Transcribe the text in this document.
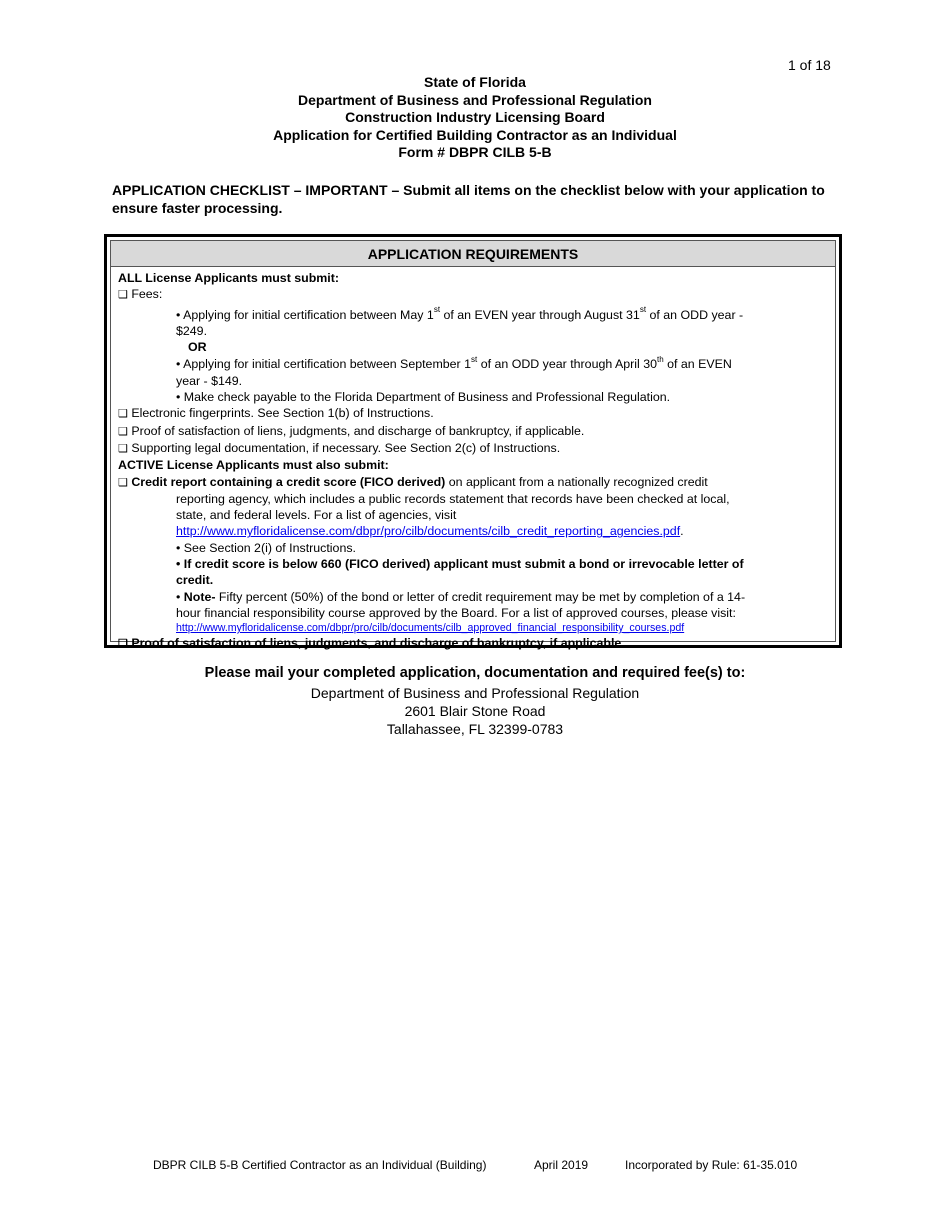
1 of 18
State of Florida
Department of Business and Professional Regulation
Construction Industry Licensing Board
Application for Certified Building Contractor as an Individual
Form # DBPR CILB 5-B
APPLICATION CHECKLIST – IMPORTANT – Submit all items on the checklist below with your application to ensure faster processing.
APPLICATION REQUIREMENTS
ALL License Applicants must submit:
❑ Fees:
• Applying for initial certification between May 1st of an EVEN year through August 31st of an ODD year -
$249.
OR
• Applying for initial certification between September 1st of an ODD year through April 30th of an EVEN
year - $149.
• Make check payable to the Florida Department of Business and Professional Regulation.
❑ Electronic fingerprints. See Section 1(b) of Instructions.
❑ Proof of satisfaction of liens, judgments, and discharge of bankruptcy, if applicable.
❑ Supporting legal documentation, if necessary. See Section 2(c) of Instructions.
ACTIVE License Applicants must also submit:
❑ Credit report containing a credit score (FICO derived) on applicant from a nationally recognized credit
reporting agency, which includes a public records statement that records have been checked at local,
state, and federal levels. For a list of agencies, visit
http://www.myfloridalicense.com/dbpr/pro/cilb/documents/cilb_credit_reporting_agencies.pdf.
• See Section 2(i) of Instructions.
• If credit score is below 660 (FICO derived) applicant must submit a bond or irrevocable letter of
credit.
• Note- Fifty percent (50%) of the bond or letter of credit requirement may be met by completion of a 14-
hour financial responsibility course approved by the Board. For a list of approved courses, please visit:
http://www.myfloridalicense.com/dbpr/pro/cilb/documents/cilb_approved_financial_responsibility_courses.pdf
❑ Proof of satisfaction of liens, judgments, and discharge of bankruptcy, if applicable.
Please mail your completed application, documentation and required fee(s) to:
Department of Business and Professional Regulation
2601 Blair Stone Road
Tallahassee, FL 32399-0783
DBPR CILB 5-B Certified Contractor as an Individual (Building)	April 2019	Incorporated by Rule: 61-35.010
